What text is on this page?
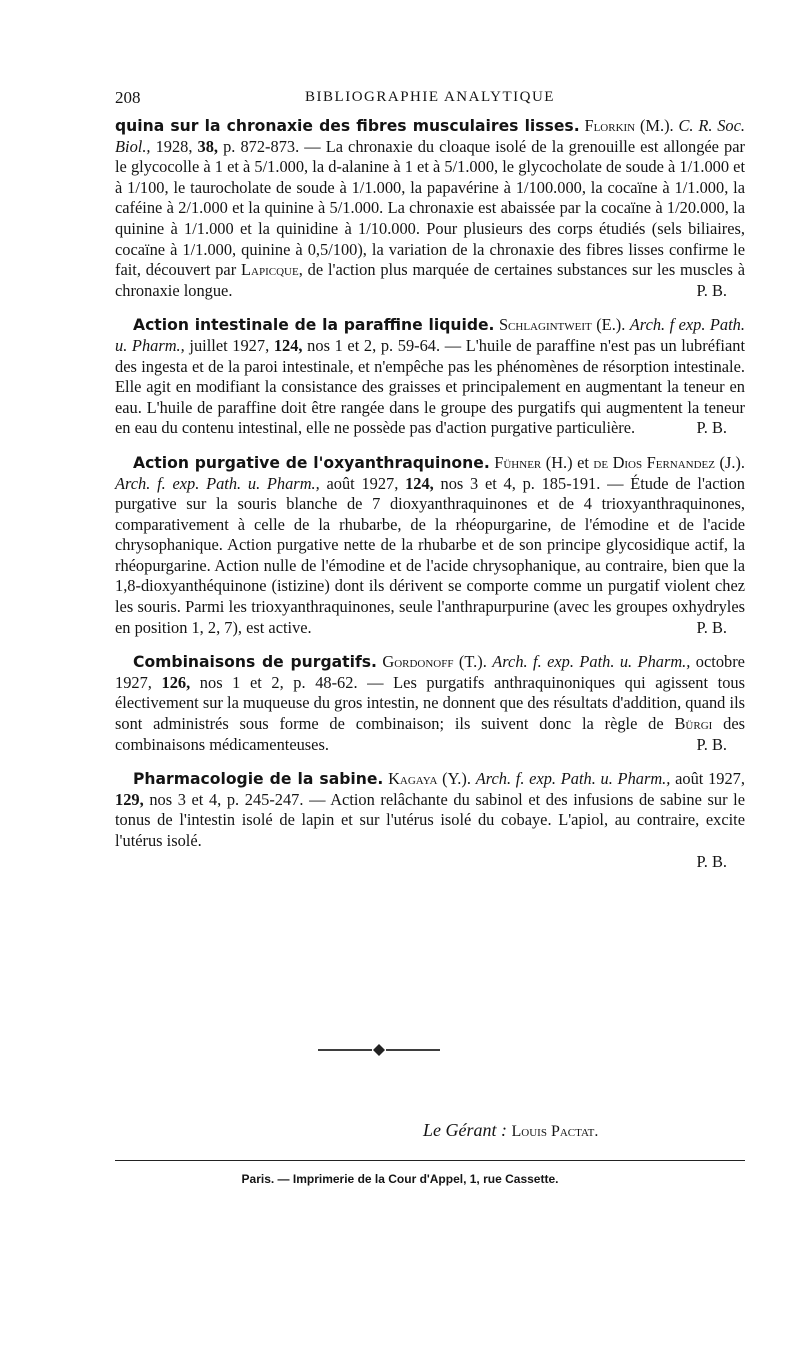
208	BIBLIOGRAPHIE ANALYTIQUE

quina sur la chronaxie des fibres musculaires lisses. Florkin (M.). C. R. Soc. Biol., 1928, 38, p. 872-873. — La chronaxie du cloaque isolé de la grenouille est allongée par le glycocolle à 1 et à 5/1.000, la d-alanine à 1 et à 5/1.000, le glycocholate de soude à 1/1.000 et à 1/100, le taurocholate de soude à 1/1.000, la papavérine à 1/100.000, la cocaïne à 1/1.000, la caféine à 2/1.000 et la quinine à 5/1.000. La chronaxie est abaissée par la cocaïne à 1/20.000, la quinine à 1/1.000 et la quinidine à 1/10.000. Pour plusieurs des corps étudiés (sels biliaires, cocaïne à 1/1.000, quinine à 0,5/100), la variation de la chronaxie des fibres lisses confirme le fait, découvert par Lapicque, de l'action plus marquée de certaines substances sur les muscles à chronaxie longue.	P. B.

Action intestinale de la paraffine liquide. Schlagintweit (E.). Arch. f exp. Path. u. Pharm., juillet 1927, 124, nos 1 et 2, p. 59-64. — L'huile de paraffine n'est pas un lubréfiant des ingesta et de la paroi intestinale, et n'empêche pas les phénomènes de résorption intestinale. Elle agit en modifiant la consistance des graisses et principalement en augmentant la teneur en eau. L'huile de paraffine doit être rangée dans le groupe des purgatifs qui augmentent la teneur en eau du contenu intestinal, elle ne possède pas d'action purgative particulière.	P. B.

Action purgative de l'oxyanthraquinone. Fühner (H.) et de Dios Fernandez (J.). Arch. f. exp. Path. u. Pharm., août 1927, 124, nos 3 et 4, p. 185-191. — Étude de l'action purgative sur la souris blanche de 7 dioxyanthraquinones et de 4 trioxyanthraquinones, comparativement à celle de la rhubarbe, de la rhéopurgarine, de l'émodine et de l'acide chrysophanique. Action purgative nette de la rhubarbe et de son principe glycosidique actif, la rhéopurgarine. Action nulle de l'émodine et de l'acide chrysophanique, au contraire, bien que la 1,8-dioxyanthéquinone (istizine) dont ils dérivent se comporte comme un purgatif violent chez les souris. Parmi les trioxyanthraquinones, seule l'anthrapurpurine (avec les groupes oxhydryles en position 1, 2, 7), est active.	P. B.

Combinaisons de purgatifs. Gordonoff (T.). Arch. f. exp. Path. u. Pharm., octobre 1927, 126, nos 1 et 2, p. 48-62. — Les purgatifs anthraquinoniques qui agissent tous électivement sur la muqueuse du gros intestin, ne donnent que des résultats d'addition, quand ils sont administrés sous forme de combinaison; ils suivent donc la règle de Bürgi des combinaisons médicamenteuses.	P. B.

Pharmacologie de la sabine. Kagaya (Y.). Arch. f. exp. Path. u. Pharm., août 1927, 129, nos 3 et 4, p. 245-247. — Action relâchante du sabinol et des infusions de sabine sur le tonus de l'intestin isolé de lapin et sur l'utérus isolé du cobaye. L'apiol, au contraire, excite l'utérus isolé.

P. B.

Le Gérant : Louis Pactat.
Paris. — Imprimerie de la Cour d'Appel, 1, rue Cassette.
